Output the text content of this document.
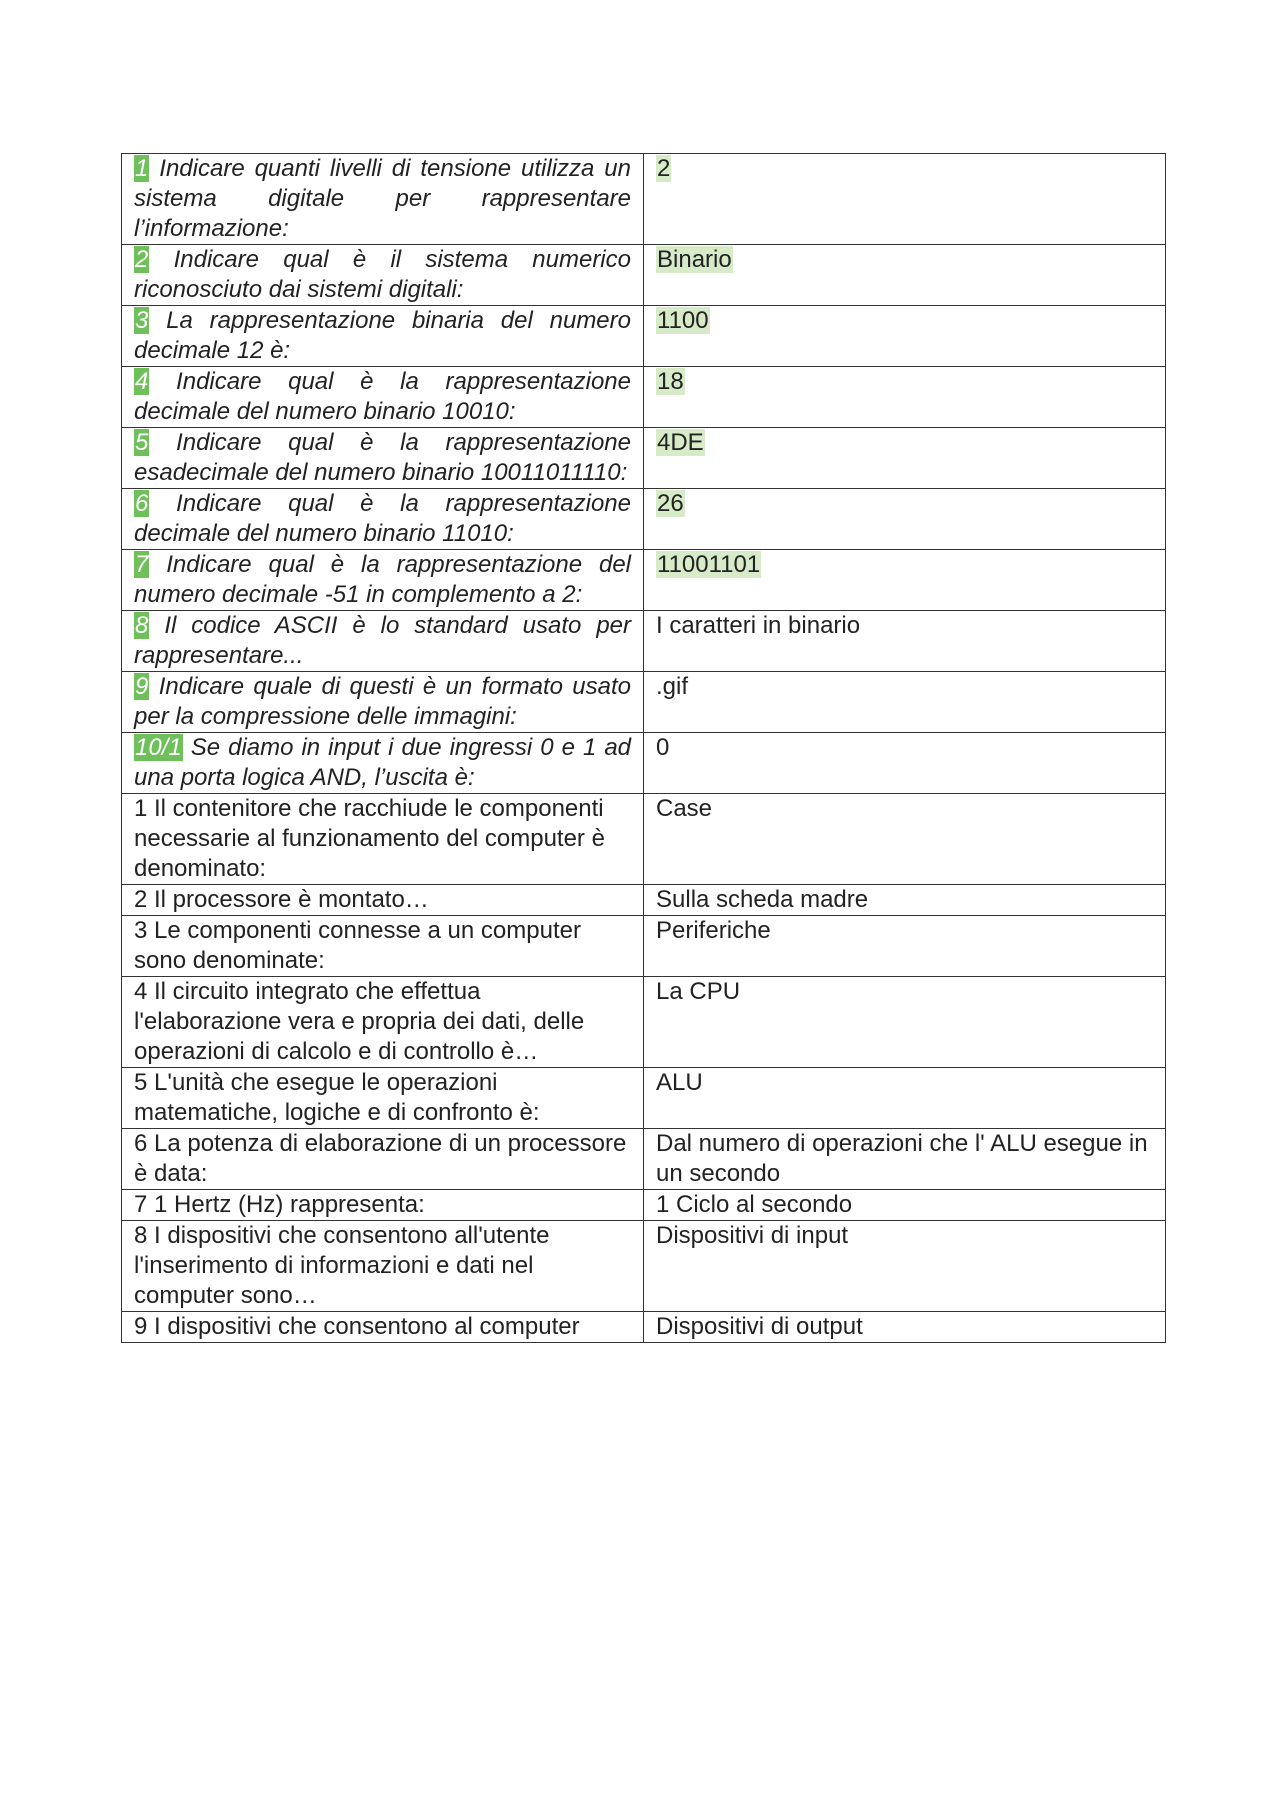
1 Indicare quanti livelli di tensione utilizza un sistema digitale per rappresentare l’informazione:	2
2 Indicare qual è il sistema numerico riconosciuto dai sistemi digitali:	Binario
3 La rappresentazione binaria del numero decimale 12 è:	1100
4 Indicare qual è la rappresentazione decimale del numero binario 10010:	18
5 Indicare qual è la rappresentazione esadecimale del numero binario 10011011110:	4DE
6 Indicare qual è la rappresentazione decimale del numero binario 11010:	26
7 Indicare qual è la rappresentazione del numero decimale -51 in complemento a 2:	11001101
8 Il codice ASCII è lo standard usato per rappresentare...	I caratteri in binario
9 Indicare quale di questi è un formato usato per la compressione delle immagini:	.gif
10/1 Se diamo in input i due ingressi 0 e 1 ad una porta logica AND, l’uscita è:	0
1 Il contenitore che racchiude le componenti necessarie al funzionamento del computer è denominato:	Case
2 Il processore è montato…	Sulla scheda madre
3 Le componenti connesse a un computer sono denominate:	Periferiche
4 Il circuito integrato che effettua l'elaborazione vera e propria dei dati, delle operazioni di calcolo e di controllo è…	La CPU
5 L'unità che esegue le operazioni matematiche, logiche e di confronto è:	ALU
6 La potenza di elaborazione di un processore è data:	Dal numero di operazioni che l' ALU esegue in un secondo
7 1 Hertz (Hz) rappresenta:	1 Ciclo al secondo
8 I dispositivi che consentono all'utente l'inserimento di informazioni e dati nel computer sono…	Dispositivi di input
9 I dispositivi che consentono al computer	Dispositivi di output
